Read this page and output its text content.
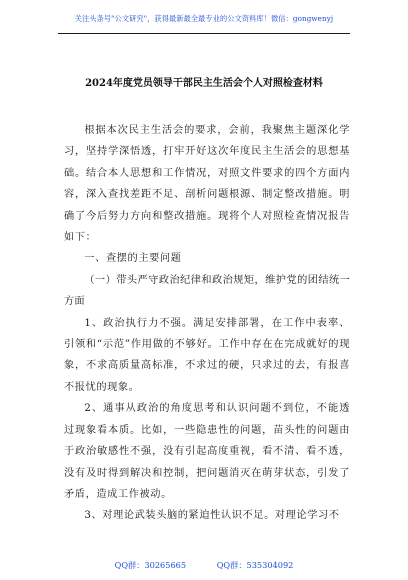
关注头条号"公文研究"，获得最新最全最专业的公文资料库！微信：gongwenyj
2024年度党员领导干部民主生活会个人对照检查材料

根据本次民主生活会的要求，会前，我聚焦主题深化学习，坚持学深悟透，打牢开好这次年度民主生活会的思想基础。结合本人思想和工作情况，对照文件要求的四个方面内容，深入查找差距不足、剖析问题根源、制定整改措施。明确了今后努力方向和整改措施。现将个人对照检查情况报告如下：

一、查摆的主要问题

（一）带头严守政治纪律和政治规矩，维护党的团结统一方面

1、政治执行力不强。满足安排部署，在工作中表率、引领和“示范”作用做的不够好。工作中存在在完成就好的现象，不求高质量高标准，不求过的硬，只求过的去，有报喜不报忧的现象。

2、通事从政治的角度思考和认识问题不到位，不能透过现象看本质。比如，一些隐患性的问题，苗头性的问题由于政治敏感性不强，没有引起高度重视，看不清、看不透，没有及时得到解决和控制，把问题消灭在萌芽状态，引发了矛盾，造成工作被动。

3、对理论武装头脑的紧迫性认识不足。对理论学习不

QQ群：30265665	QQ群：535304092
